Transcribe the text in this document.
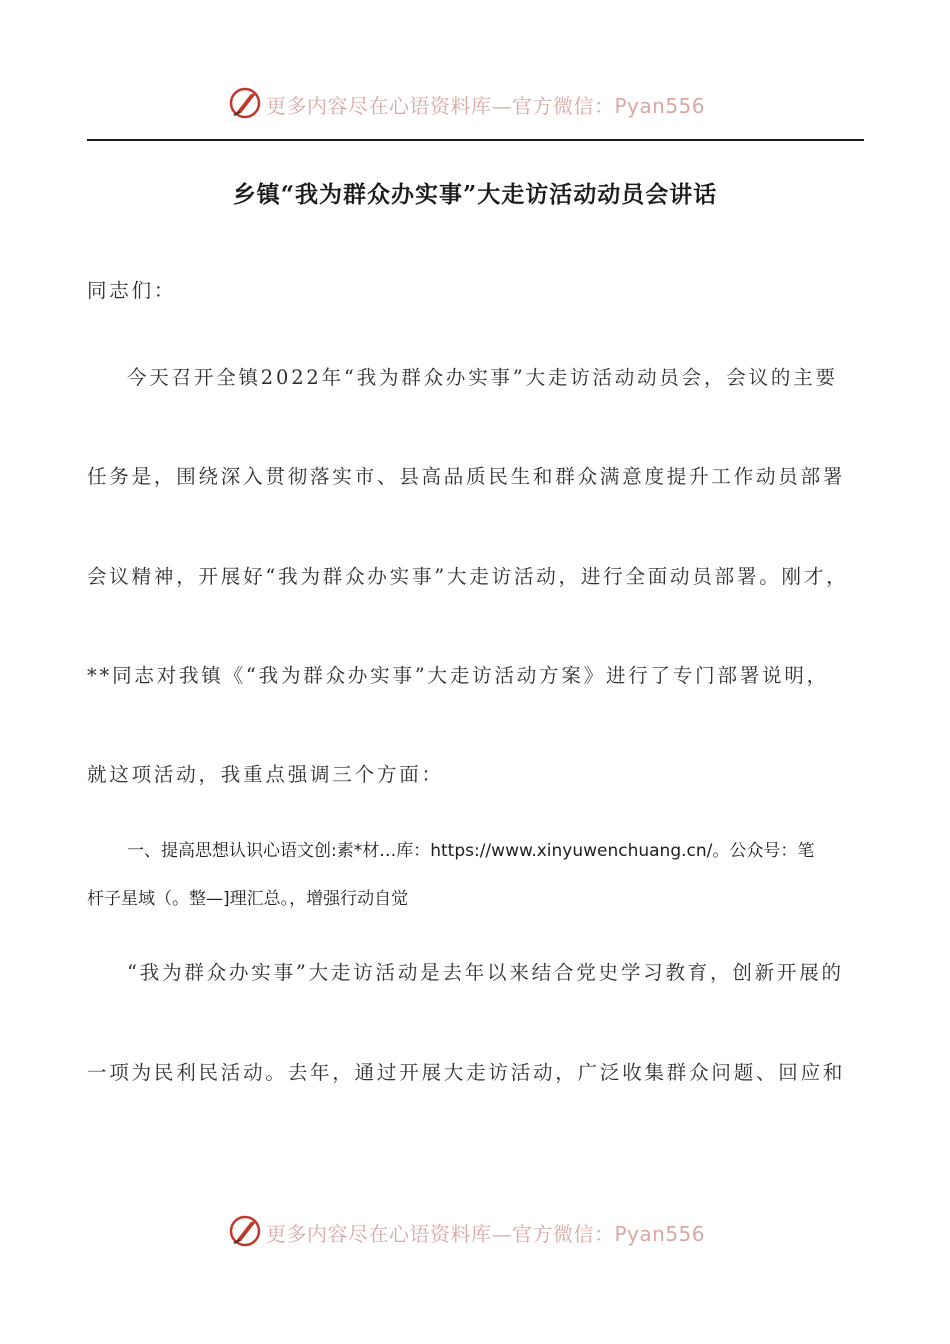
更多内容尽在心语资料库—官方微信：Pyan556
乡镇“我为群众办实事”大走访活动动员会讲话
同志们：
今天召开全镇2022年“我为群众办实事”大走访活动动员会，会议的主要
任务是，围绕深入贯彻落实市、县高品质民生和群众满意度提升工作动员部署
会议精神，开展好“我为群众办实事”大走访活动，进行全面动员部署。刚才，
**同志对我镇《“我为群众办实事”大走访活动方案》进行了专门部署说明，
就这项活动，我重点强调三个方面：
一、提高思想认识心语文创:素*材…库：https://www.xinyuwenchuang.cn/。公众号：笔
杆子星域（。整—]理汇总。，增强行动自觉
“我为群众办实事”大走访活动是去年以来结合党史学习教育，创新开展的
一项为民利民活动。去年，通过开展大走访活动，广泛收集群众问题、回应和
更多内容尽在心语资料库—官方微信：Pyan556
